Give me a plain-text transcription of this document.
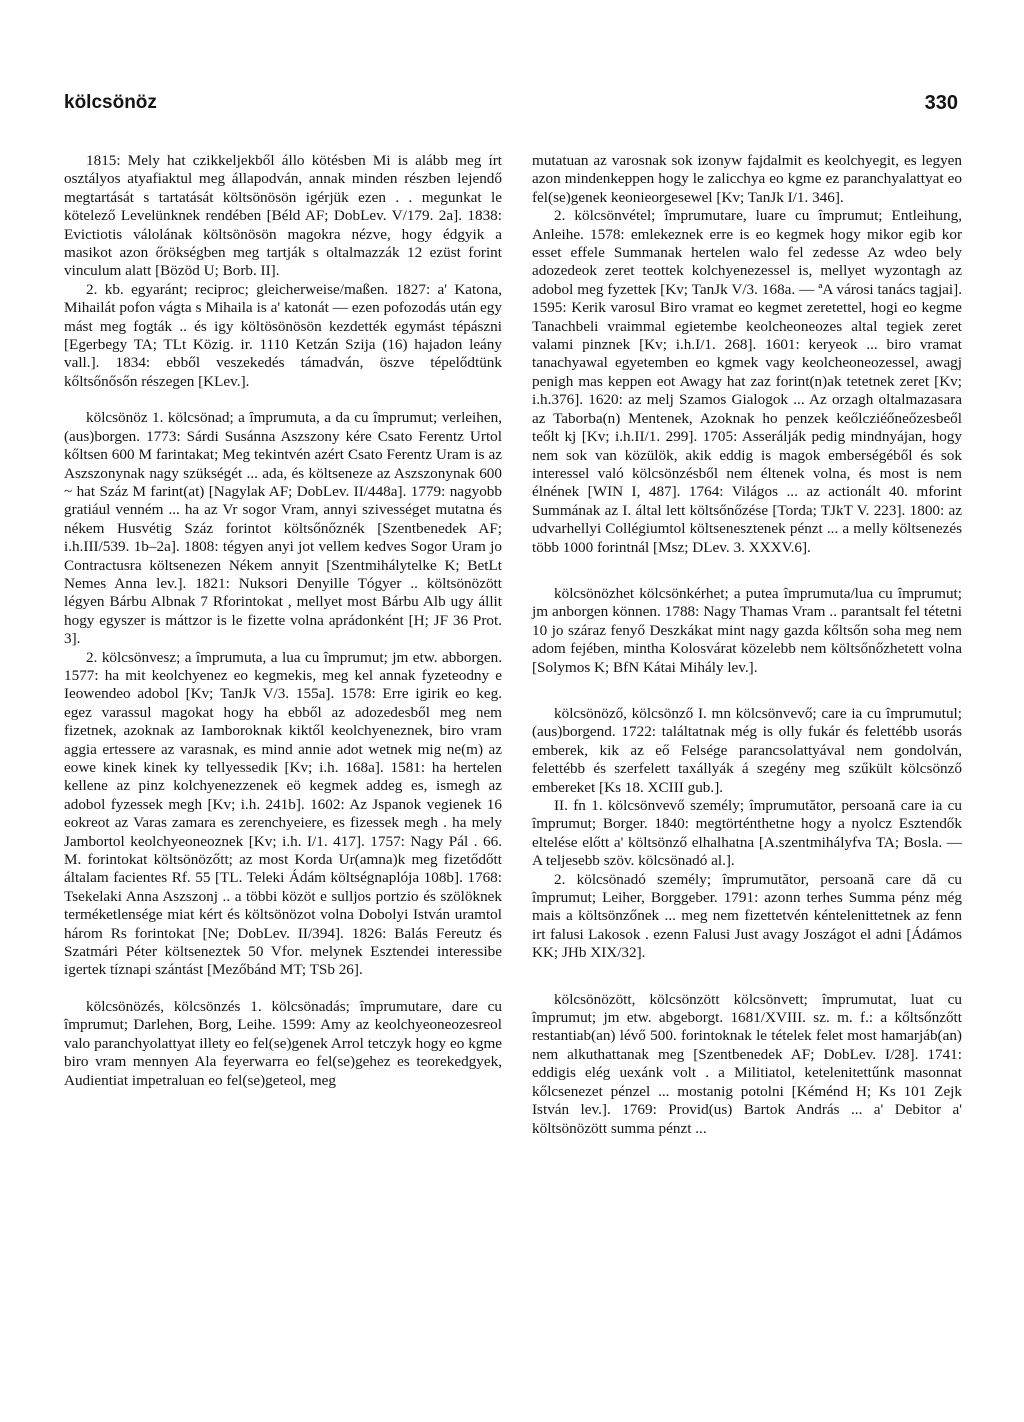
kölcsönöz	330

1815: Mely hat czikkeljekből állo kötésben Mi is alább meg írt osztályos atyafiaktul meg állapodván, annak minden részben lejendő megtartását s tartatását költsönösön igérjük ezen . . megunkat le kötelező Levelünknek rendében [Béld AF; DobLev. V/179. 2a]. 1838: Evictiotis válolának költsönösön magokra nézve, hogy édgyik a masikot azon őrökségben meg tartják s oltalmazzák 12 ezüst forint vinculum alatt [Bözöd U; Borb. II].

2. kb. egyaránt; reciproc; gleicherweise/maßen. 1827: a' Katona, Mihailát pofon vágta s Mihaila is a' katonát — ezen pofozodás után egy mást meg fogták .. és igy költösönösön kezdették egymást tépászni [Egerbegy TA; TLt Közig. ir. 1110 Ketzán Szija (16) hajadon leány vall.]. 1834: ebből veszekedés támadván, öszve tépelődtünk kőltsőnősőn részegen [KLev.].

kölcsönöz 1. kölcsönad; a împrumuta, a da cu împrumut; verleihen, (aus)borgen. 1773: Sárdi Susánna Aszszony kére Csato Ferentz Urtol kőltsen 600 M farintakat; Meg tekintvén azért Csato Ferentz Uram is az Aszszonynak nagy szükségét ... ada, és költseneze az Aszszonynak 600 ~ hat Száz M farint(at) [Nagylak AF; DobLev. II/448a]. 1779: nagyobb gratiául venném ... ha az Vr sogor Vram, annyi szivességet mutatna és nékem Husvétig Száz forintot költsőnőznék [Szentbenedek AF; i.h.III/539. 1b–2a]. 1808: tégyen anyi jot vellem kedves Sogor Uram jo Contractusra költsenezen Nékem annyit [Szentmihálytelke K; BetLt Nemes Anna lev.]. 1821: Nuksori Denyille Tógyer .. költsönözött légyen Bárbu Albnak 7 Rforintokat , mellyet most Bárbu Alb ugy állit hogy egyszer is máttzor is le fizette volna aprádonként [H; JF 36 Prot. 3].

2. kölcsönvesz; a împrumuta, a lua cu împrumut; jm etw. abborgen. 1577: ha mit keolchyenez eo kegmekis, meg kel annak fyzeteodny e Ieowendeo adobol [Kv; TanJk V/3. 155a]. 1578: Erre igirik eo keg. egez varassul magokat hogy ha ebből az adozedesből meg nem fizetnek, azoknak az Iamboroknak kiktől keolchyeneznek, biro vram aggia ertessere az varasnak, es mind annie adot wetnek mig ne(m) az eowe kinek kinek ky tellyessedik [Kv; i.h. 168a]. 1581: ha hertelen kellene az pinz kolchyenezzenek eö kegmek addeg es, ismegh az adobol fyzessek megh [Kv; i.h. 241b]. 1602: Az Jspanok vegienek 16 eokreot az Varas zamara es zerenchyeiere, es fizessek megh . ha mely Jambortol keolchyeoneoznek [Kv; i.h. I/1. 417]. 1757: Nagy Pál . 66. M. forintokat költsönözőtt; az most Korda Ur(amna)k meg fizetődőtt általam facientes Rf. 55 [TL. Teleki Ádám költségnaplója 108b]. 1768: Tsekelaki Anna Aszszonj .. a többi közöt e sulljos portzio és szölöknek terméketlensége miat kért és költsönözot volna Dobolyi István uramtol három Rs forintokat [Ne; DobLev. II/394]. 1826: Balás Fereutz és Szatmári Péter költseneztek 50 Vfor. melynek Esztendei interessibe igertek tíznapi szántást [Mezőbánd MT; TSb 26].

kölcsönözés, kölcsönzés 1. kölcsönadás; împrumutare, dare cu împrumut; Darlehen, Borg, Leihe. 1599: Amy az keolchyeoneozesreol valo paranchyolattyat illety eo fel(se)genek Arrol tetczyk hogy eo kgme biro vram mennyen Ala feyerwarra eo fel(se)gehez es teorekedgyek, Audientiat impetraluan eo fel(se)geteol, meg

mutatuan az varosnak sok izonyw fajdalmit es keolchyegit, es legyen azon mindenkeppen hogy le zalicchya eo kgme ez paranchyalattyat eo fel(se)genek keonieorgesewel [Kv; TanJk I/1. 346].

2. kölcsönvétel; împrumutare, luare cu împrumut; Entleihung, Anleihe. 1578: emlekeznek erre is eo kegmek hogy mikor egib kor esset effele Summanak hertelen walo fel zedesse Az wdeo bely adozedeok zeret teottek kolchyenezessel is, mellyet wyzontagh az adobol meg fyzettek [Kv; TanJk V/3. 168a. — ªA városi tanács tagjai]. 1595: Kerik varosul Biro vramat eo kegmet zeretettel, hogi eo kegme Tanachbeli vraimmal egietembe keolcheoneozes altal tegiek zeret valami pinznek [Kv; i.h.I/1. 268]. 1601: keryeok ... biro vramat tanachyawal egyetemben eo kgmek vagy keolcheoneozessel, awagj penigh mas keppen eot Awagy hat zaz forint(n)ak tetetnek zeret [Kv; i.h.376]. 1620: az melj Szamos Gialogok ... Az orzagh oltalmazasara az Taborba(n) Mentenek, Azoknak ho penzek keőlcziéőneőzesbeől teőlt kj [Kv; i.h.II/1. 299]. 1705: Asserálják pedig mindnyájan, hogy nem sok van közülök, akik eddig is magok emberségéből és sok interessel való kölcsönzésből nem éltenek volna, és most is nem élnének [WIN I, 487]. 1764: Világos ... az actionált 40. mforint Summának az I. által lett költsőnőzése [Torda; TJkT V. 223]. 1800: az udvarhellyi Collégiumtol költsenesztenek pénzt ... a melly költsenezés több 1000 forintnál [Msz; DLev. 3. XXXV.6].

kölcsönözhet kölcsönkérhet; a putea împrumuta/lua cu împrumut; jm anborgen können. 1788: Nagy Thamas Vram .. parantsalt fel tétetni 10 jo száraz fenyő Deszkákat mint nagy gazda kőltsőn soha meg nem adom fejében, mintha Kolosvárat közelebb nem költsőnőzhetett volna [Solymos K; BfN Kátai Mihály lev.].

kölcsönöző, kölcsönző I. mn kölcsönvevő; care ia cu împrumutul; (aus)borgend. 1722: találtatnak még is olly fukár és felettébb usorás emberek, kik az eő Felsége parancsolattyával nem gondolván, felettébb és szerfelett taxállyák á szegény meg szűkült kölcsönző embereket [Ks 18. XCIII gub.].

II. fn 1. kölcsönvevő személy; împrumutător, persoană care ia cu împrumut; Borger. 1840: megtörténthetne hogy a nyolcz Esztendők eltelése előtt a' költsönző elhalhatna [A.szentmihályfva TA; Bosla. — A teljesebb szöv. kölcsönadó al.].

2. kölcsönadó személy; împrumutător, persoană care dă cu împrumut; Leiher, Borggeber. 1791: azonn terhes Summa pénz még mais a költsönzőnek ... meg nem fizettetvén kéntelenittetnek az fenn irt falusi Lakosok . ezenn Falusi Just avagy Joszágot el adni [Ádámos KK; JHb XIX/32].

kölcsönözött, kölcsönzött kölcsönvett; împrumutat, luat cu împrumut; jm etw. abgeborgt. 1681/XVIII. sz. m. f.: a kőltsőnzőtt restantiab(an) lévő 500. forintoknak le tételek felet most hamarjáb(an) nem alkuthattanak meg [Szentbenedek AF; DobLev. I/28]. 1741: eddigis elég uexánk volt . a Militiatol, ketelenitettűnk masonnat kőlcsenezet pénzel ... mostanig potolni [Kéménd H; Ks 101 Zejk István lev.]. 1769: Provid(us) Bartok András ... a' Debitor a' költsönözött summa pénzt ...
